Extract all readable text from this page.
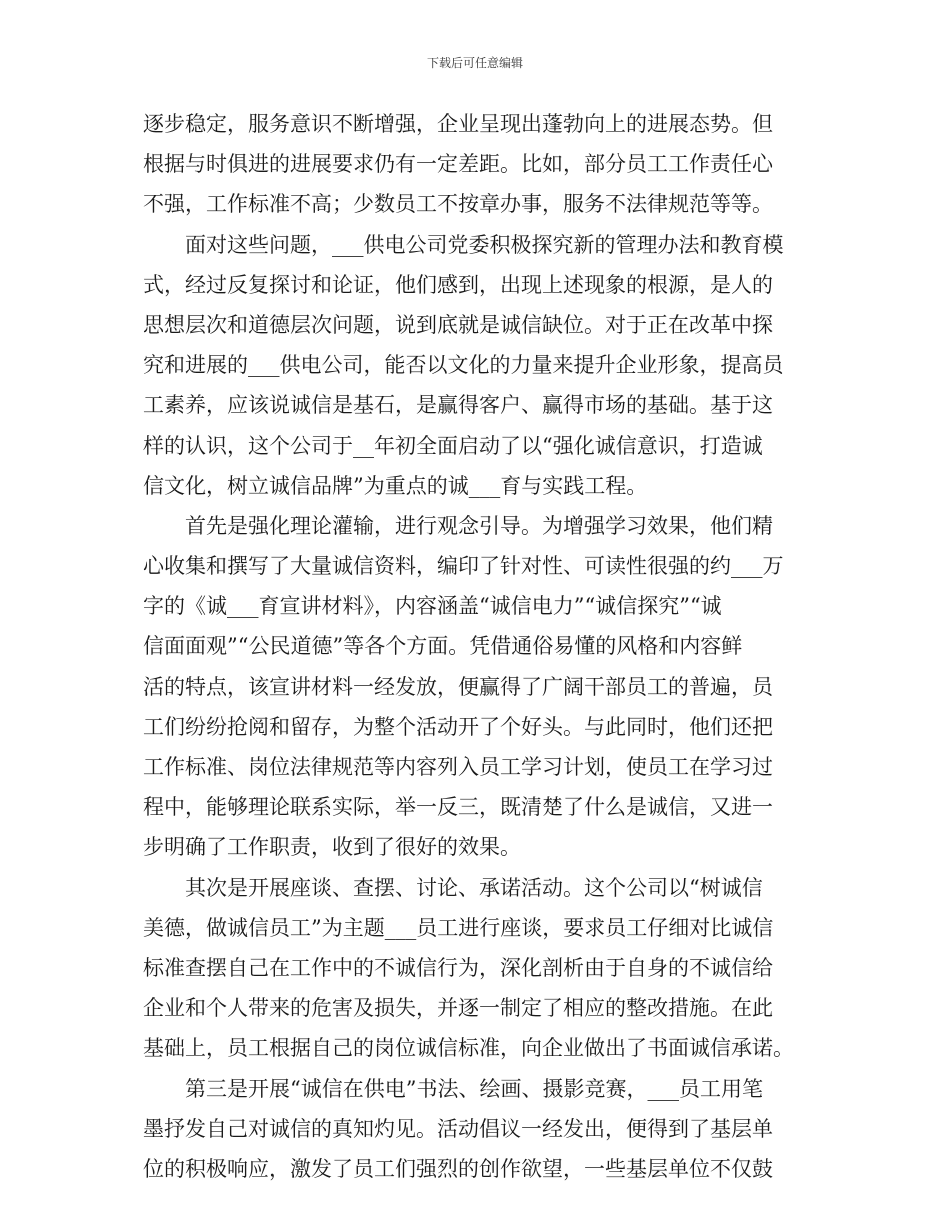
下载后可任意编辑
逐步稳定，服务意识不断增强，企业呈现出蓬勃向上的进展态势。但
根据与时俱进的进展要求仍有一定差距。比如，部分员工工作责任心
不强，工作标准不高；少数员工不按章办事，服务不法律规范等等。
　　面对这些问题，___供电公司党委积极探究新的管理办法和教育模
式，经过反复探讨和论证，他们感到，出现上述现象的根源，是人的
思想层次和道德层次问题，说到底就是诚信缺位。对于正在改革中探
究和进展的___供电公司，能否以文化的力量来提升企业形象，提高员
工素养，应该说诚信是基石，是赢得客户、赢得市场的基础。基于这
样的认识，这个公司于__年初全面启动了以“强化诚信意识，打造诚
信文化，树立诚信品牌”为重点的诚___育与实践工程。
　　首先是强化理论灌输，进行观念引导。为增强学习效果，他们精
心收集和撰写了大量诚信资料，编印了针对性、可读性很强的约___万
字的《诚___育宣讲材料》，内容涵盖“诚信电力”“诚信探究”“诚
信面面观”“公民道德”等各个方面。凭借通俗易懂的风格和内容鲜
活的特点，该宣讲材料一经发放，便赢得了广阔干部员工的普遍，员
工们纷纷抢阅和留存，为整个活动开了个好头。与此同时，他们还把
工作标准、岗位法律规范等内容列入员工学习计划，使员工在学习过
程中，能够理论联系实际，举一反三，既清楚了什么是诚信，又进一
步明确了工作职责，收到了很好的效果。
　　其次是开展座谈、查摆、讨论、承诺活动。这个公司以“树诚信
美德，做诚信员工”为主题___员工进行座谈，要求员工仔细对比诚信
标准查摆自己在工作中的不诚信行为，深化剖析由于自身的不诚信给
企业和个人带来的危害及损失，并逐一制定了相应的整改措施。在此
基础上，员工根据自己的岗位诚信标准，向企业做出了书面诚信承诺。
　　第三是开展“诚信在供电”书法、绘画、摄影竞赛，___员工用笔
墨抒发自己对诚信的真知灼见。活动倡议一经发出，便得到了基层单
位的积极响应，激发了员工们强烈的创作欲望，一些基层单位不仅鼓
